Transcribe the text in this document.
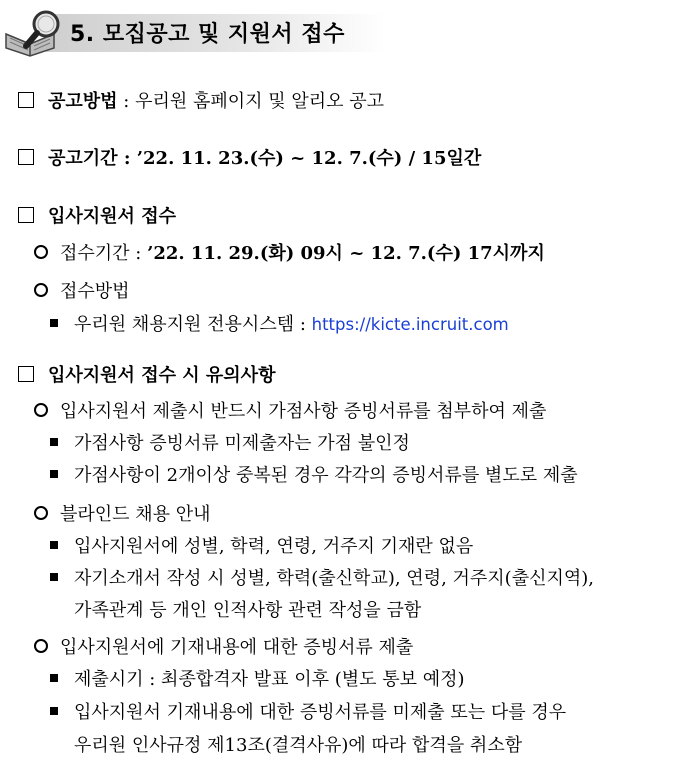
5. 모집공고 및 지원서 접수
공고방법 : 우리원 홈페이지 및 알리오 공고
공고기간 : ’22. 11. 23.(수) ~ 12. 7.(수) / 15일간
입사지원서 접수
접수기간 : ’22. 11. 29.(화) 09시 ~ 12. 7.(수) 17시까지
접수방법
우리원 채용지원 전용시스템 : https://kicte.incruit.com
입사지원서 접수 시 유의사항
입사지원서 제출시 반드시 가점사항 증빙서류를 첨부하여 제출
가점사항 증빙서류 미제출자는 가점 불인정
가점사항이 2개이상 중복된 경우 각각의 증빙서류를 별도로 제출
블라인드 채용 안내
입사지원서에 성별, 학력, 연령, 거주지 기재란 없음
자기소개서 작성 시 성별, 학력(출신학교), 연령, 거주지(출신지역),
가족관계 등 개인 인적사항 관련 작성을 금함
입사지원서에 기재내용에 대한 증빙서류 제출
제출시기 : 최종합격자 발표 이후 (별도 통보 예정)
입사지원서 기재내용에 대한 증빙서류를 미제출 또는 다를 경우
우리원 인사규정 제13조(결격사유)에 따라 합격을 취소함
